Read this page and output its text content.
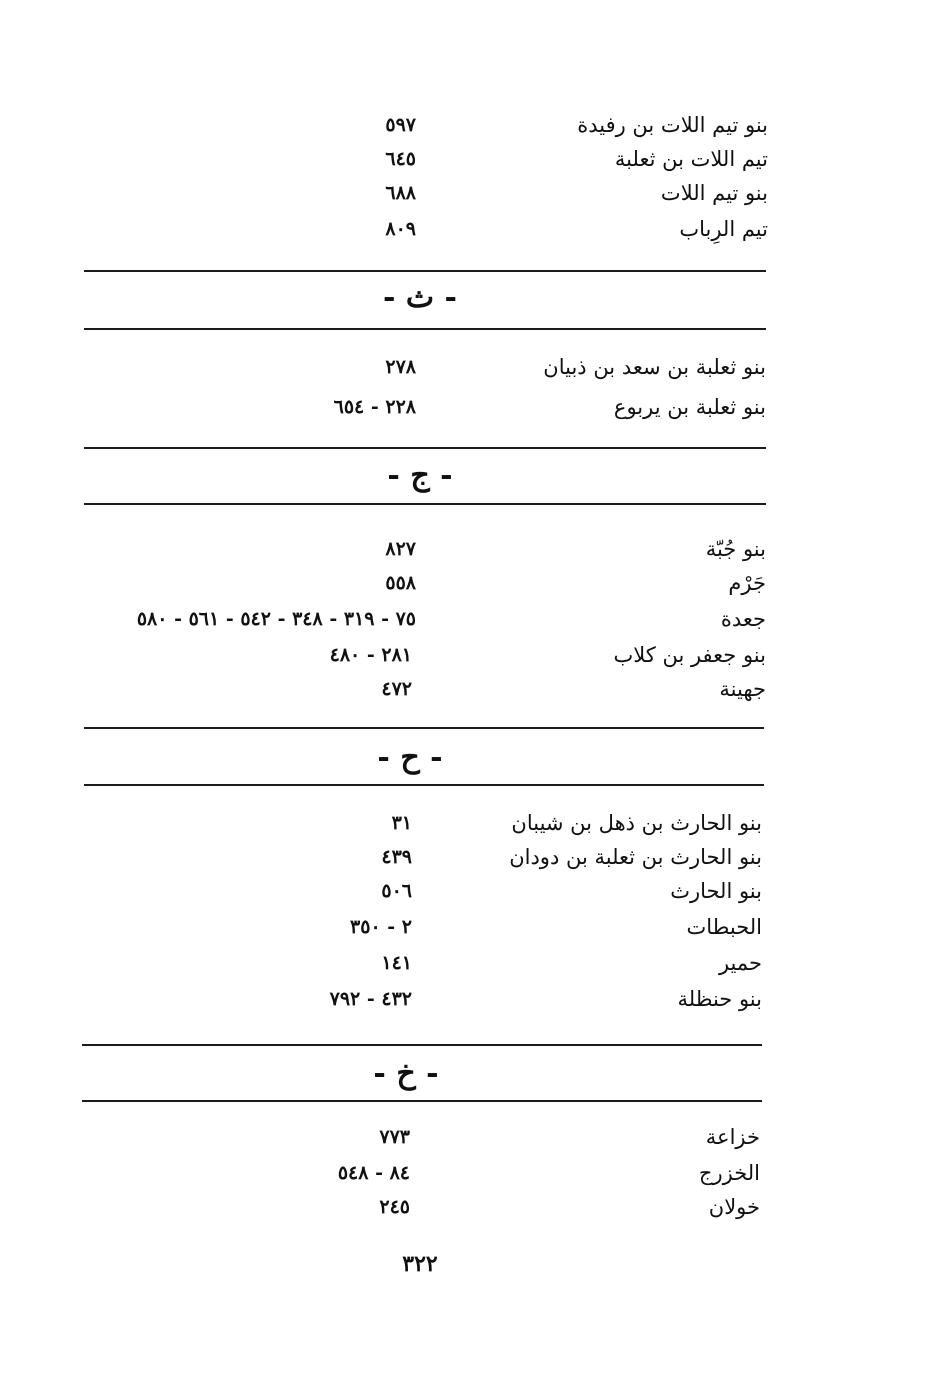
بنو تيم اللات بن رفيدة
٥٩٧
تيم اللات بن ثعلبة
٦٤٥
بنو تيم اللات
٦٨٨
تيم الرِباب
٨٠٩
- ث -
بنو ثعلبة بن سعد بن ذبيان
٢٧٨
بنو ثعلبة بن يربوع
٢٢٨ - ٦٥٤
- ج -
بنو جُبّة
٨٢٧
جَرْم
٥٥٨
جعدة
٧٥ - ٣١٩ - ٣٤٨ - ٥٤٢ - ٥٦١ - ٥٨٠
بنو جعفر بن كلاب
٢٨١ - ٤٨٠
جهينة
٤٧٢
- ح -
بنو الحارث بن ذهل بن شيبان
٣١
بنو الحارث بن ثعلبة بن دودان
٤٣٩
بنو الحارث
٥٠٦
الحبطات
٢ - ٣٥٠
حمير
١٤١
بنو حنظلة
٤٣٢ - ٧٩٢
- خ -
خزاعة
٧٧٣
الخزرج
٨٤ - ٥٤٨
خولان
٢٤٥
٣٢٢
